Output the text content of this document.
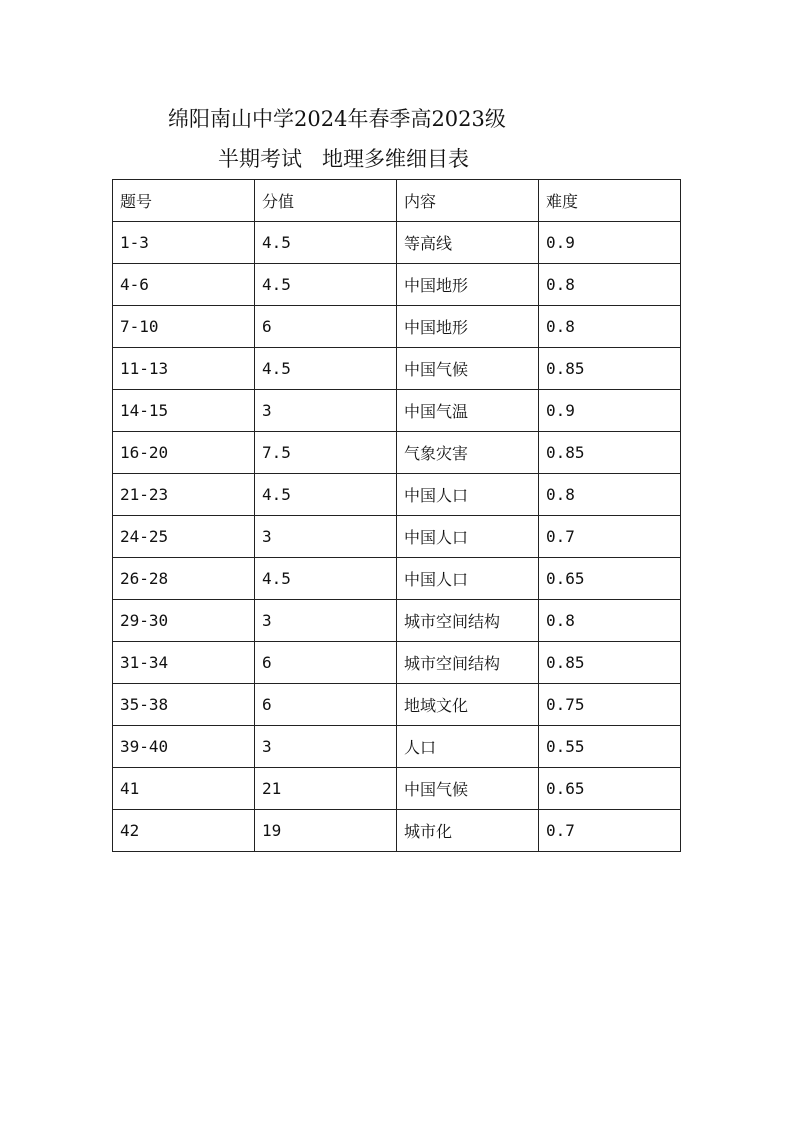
绵阳南山中学2024年春季高2023级
半期考试   地理多维细目表
题号	分值	内容	难度
1-3	4.5	等高线	0.9
4-6	4.5	中国地形	0.8
7-10	6	中国地形	0.8
11-13	4.5	中国气候	0.85
14-15	3	中国气温	0.9
16-20	7.5	气象灾害	0.85
21-23	4.5	中国人口	0.8
24-25	3	中国人口	0.7
26-28	4.5	中国人口	0.65
29-30	3	城市空间结构	0.8
31-34	6	城市空间结构	0.85
35-38	6	地域文化	0.75
39-40	3	人口	0.55
41	21	中国气候	0.65
42	19	城市化	0.7
